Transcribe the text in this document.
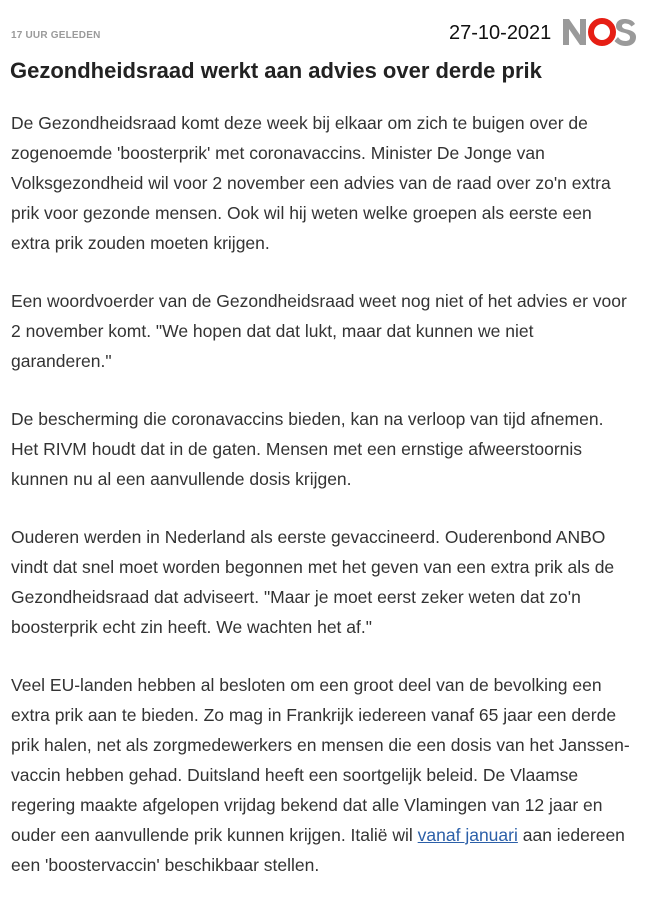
17 UUR GELEDEN	27-10-2021
Gezondheidsraad werkt aan advies over derde prik

De Gezondheidsraad komt deze week bij elkaar om zich te buigen over de
zogenoemde 'boosterprik' met coronavaccins. Minister De Jonge van
Volksgezondheid wil voor 2 november een advies van de raad over zo'n extra
prik voor gezonde mensen. Ook wil hij weten welke groepen als eerste een
extra prik zouden moeten krijgen.

Een woordvoerder van de Gezondheidsraad weet nog niet of het advies er voor
2 november komt. "We hopen dat dat lukt, maar dat kunnen we niet
garanderen."

De bescherming die coronavaccins bieden, kan na verloop van tijd afnemen.
Het RIVM houdt dat in de gaten. Mensen met een ernstige afweerstoornis
kunnen nu al een aanvullende dosis krijgen.

Ouderen werden in Nederland als eerste gevaccineerd. Ouderenbond ANBO
vindt dat snel moet worden begonnen met het geven van een extra prik als de
Gezondheidsraad dat adviseert. "Maar je moet eerst zeker weten dat zo'n
boosterprik echt zin heeft. We wachten het af."

Veel EU-landen hebben al besloten om een groot deel van de bevolking een
extra prik aan te bieden. Zo mag in Frankrijk iedereen vanaf 65 jaar een derde
prik halen, net als zorgmedewerkers en mensen die een dosis van het Janssen-
vaccin hebben gehad. Duitsland heeft een soortgelijk beleid. De Vlaamse
regering maakte afgelopen vrijdag bekend dat alle Vlamingen van 12 jaar en
ouder een aanvullende prik kunnen krijgen. Italië wil vanaf januari aan iedereen
een 'boostervaccin' beschikbaar stellen.
